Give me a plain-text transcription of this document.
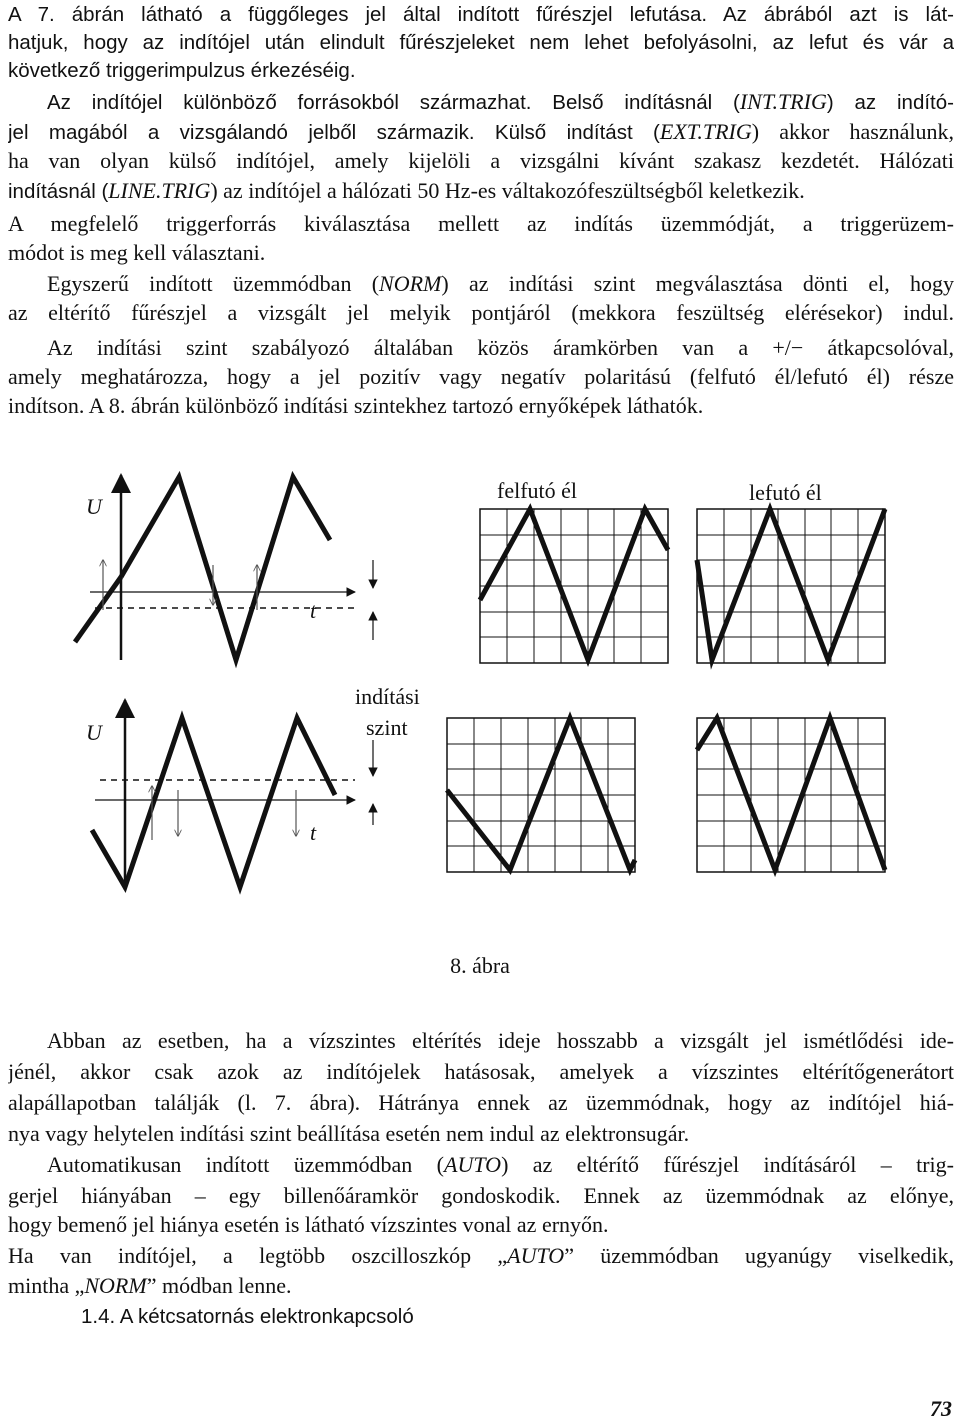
A 7. ábrán látható a függőleges jel által indított fűrészjel lefutása. Az ábrából azt is lát-

hatjuk, hogy az indítójel után elindult fűrészjeleket nem lehet befolyásolni, az lefut és vár a

következő triggerimpulzus érkezéséig.

Az indítójel különböző forrásokból származhat. Belső indításnál (INT.TRIG) az indító-

jel magából a vizsgálandó jelből származik. Külső indítást (EXT.TRIG) akkor használunk,

ha van olyan külső indítójel, amely kijelöli a vizsgálni kívánt szakasz kezdetét. Hálózati

indításnál (LINE.TRIG) az indítójel a hálózati 50 Hz-es váltakozófeszültségből keletkezik.

A megfelelő triggerforrás kiválasztása mellett az indítás üzemmódját, a triggerüzem-

módot is meg kell választani.

Egyszerű indított üzemmódban (NORM) az indítási szint megválasztása dönti el, hogy

az eltérítő fűrészjel a vizsgált jel melyik pontjáról (mekkora feszültség elérésekor) indul.

Az indítási szint szabályozó általában közös áramkörben van a +/− átkapcsolóval,

amely meghatározza, hogy a jel pozitív vagy negatív polaritású (felfutó él/lefutó él) része

indítson. A 8. ábrán különböző indítási szintekhez tartozó ernyőképek láthatók.

U
t
felfutó él	lefutó él
U
t
indítási
szint
8. ábra

Abban az esetben, ha a vízszintes eltérítés ideje hosszabb a vizsgált jel ismétlődési ide-

jénél, akkor csak azok az indítójelek hatásosak, amelyek a vízszintes eltérítőgenerátort

alapállapotban találják (l. 7. ábra). Hátránya ennek az üzemmódnak, hogy az indítójel hiá-

nya vagy helytelen indítási szint beállítása esetén nem indul az elektronsugár.

Automatikusan indított üzemmódban (AUTO) az eltérítő fűrészjel indításáról – trig-

gerjel hiányában – egy billenőáramkör gondoskodik. Ennek az üzemmódnak az előnye,

hogy bemenő jel hiánya esetén is látható vízszintes vonal az ernyőn.

Ha van indítójel, a legtöbb oszcilloszkóp „AUTO” üzemmódban ugyanúgy viselkedik,

mintha „NORM” módban lenne.

1.4. A kétcsatornás elektronkapcsoló

73
